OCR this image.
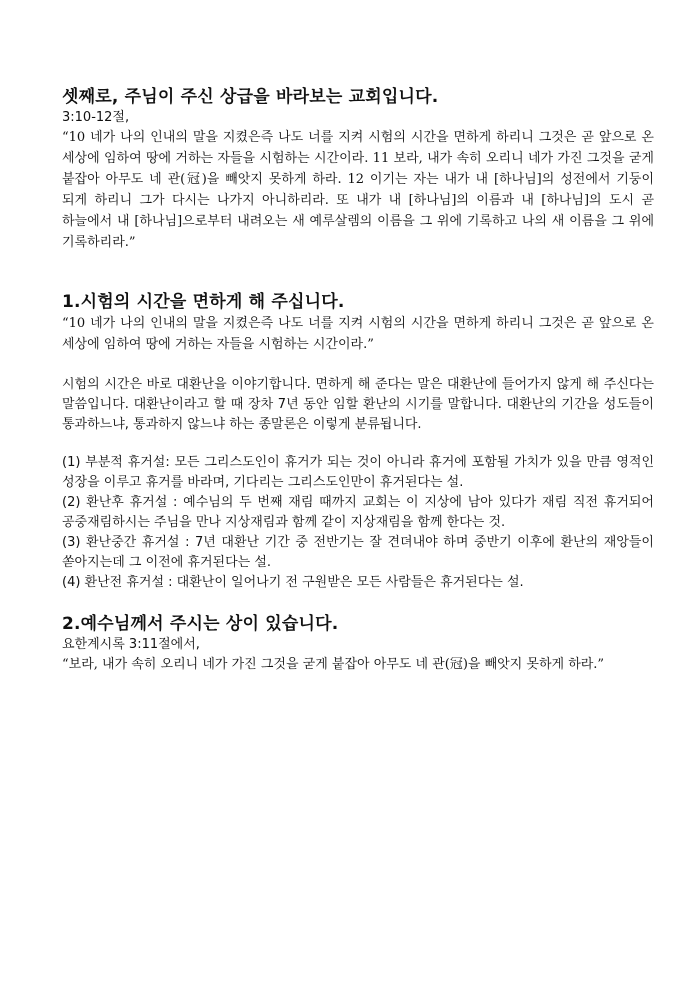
셋째로, 주님이 주신 상급을 바라보는 교회입니다.

3:10-12절,

“10 네가 나의 인내의 말을 지켰은즉 나도 너를 지켜 시험의 시간을 면하게 하리니 그것은 곧 앞으로 온 세상에 임하여 땅에 거하는 자들을 시험하는 시간이라. 11 보라, 내가 속히 오리니 네가 가진 그것을 굳게 붙잡아 아무도 네 관(冠)을 빼앗지 못하게 하라. 12 이기는 자는 내가 내 [하나님]의 성전에서 기둥이 되게 하리니 그가 다시는 나가지 아니하리라. 또 내가 내 [하나님]의 이름과 내 [하나님]의 도시 곧 하늘에서 내 [하나님]으로부터 내려오는 새 예루살렘의 이름을 그 위에 기록하고 나의 새 이름을 그 위에 기록하리라.”

1.시험의 시간을 면하게 해 주십니다.

“10 네가 나의 인내의 말을 지켰은즉 나도 너를 지켜 시험의 시간을 면하게 하리니 그것은 곧 앞으로 온 세상에 임하여 땅에 거하는 자들을 시험하는 시간이라.”

시험의 시간은 바로 대환난을 이야기합니다. 면하게 해 준다는 말은 대환난에 들어가지 않게 해 주신다는 말씀입니다. 대환난이라고 할 때 장차 7년 동안 임할 환난의 시기를 말합니다. 대환난의 기간을 성도들이 통과하느냐, 통과하지 않느냐 하는 종말론은 이렇게 분류됩니다.

(1) 부분적 휴거설: 모든 그리스도인이 휴거가 되는 것이 아니라 휴거에 포함될 가치가 있을 만큼 영적인 성장을 이루고 휴거를 바라며, 기다리는 그리스도인만이 휴거된다는 설.

(2) 환난후 휴거설 : 예수님의 두 번째 재림 때까지 교회는 이 지상에 남아 있다가 재림 직전 휴거되어 공중재림하시는 주님을 만나 지상재림과 함께 같이 지상재림을 함께 한다는 것.

(3) 환난중간 휴거설 : 7년 대환난 기간 중 전반기는 잘 견뎌내야 하며 중반기 이후에 환난의 재앙들이 쏟아지는데 그 이전에 휴거된다는 설.

(4) 환난전 휴거설 : 대환난이 일어나기 전 구원받은 모든 사람들은 휴거된다는 설.

2.예수님께서 주시는 상이 있습니다.

요한계시록 3:11절에서,

“보라, 내가 속히 오리니 네가 가진 그것을 굳게 붙잡아 아무도 네 관(冠)을 빼앗지 못하게 하라.”
